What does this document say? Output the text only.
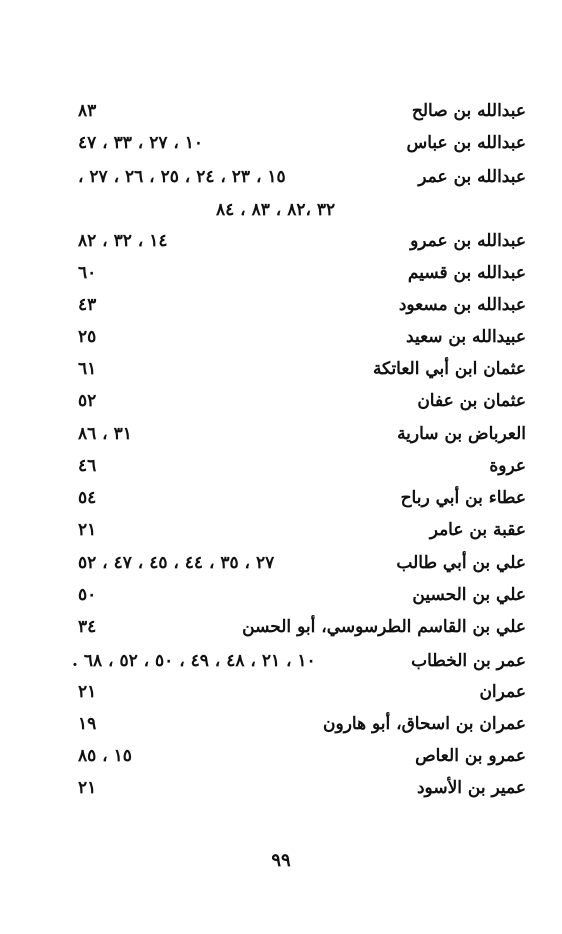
عبدالله بن صالح
٨٣
عبدالله بن عباس
١٠ ، ٢٧ ، ٣٣ ، ٤٧
عبدالله بن عمر
١٥ ، ٢٣ ، ٢٤ ، ٢٥ ، ٢٦ ، ٢٧ ،
٣٢ ،٨٢ ، ٨٣ ، ٨٤
عبدالله بن عمرو
١٤ ، ٣٢ ، ٨٢
عبدالله بن قسيم
٦٠
عبدالله بن مسعود
٤٣
عبيدالله بن سعيد
٢٥
عثمان ابن أبي العاتكة
٦١
عثمان بن عفان
٥٢
العرباض بن سارية
٣١ ، ٨٦
عروة
٤٦
عطاء بن أبي رباح
٥٤
عقبة بن عامر
٢١
علي بن أبي طالب
٢٧ ، ٣٥ ، ٤٤ ، ٤٥ ، ٤٧ ، ٥٢
علي بن الحسين
٥٠
علي بن القاسم الطرسوسي، أبو الحسن
٣٤
عمر بن الخطاب
١٠ ، ٢١ ، ٤٨ ، ٤٩ ، ٥٠ ، ٥٢ ، ٦٨ .
عمران
٢١
عمران بن اسحاق، أبو هارون
١٩
عمرو بن العاص
١٥ ، ٨٥
عمير بن الأسود
٢١
٩٩
